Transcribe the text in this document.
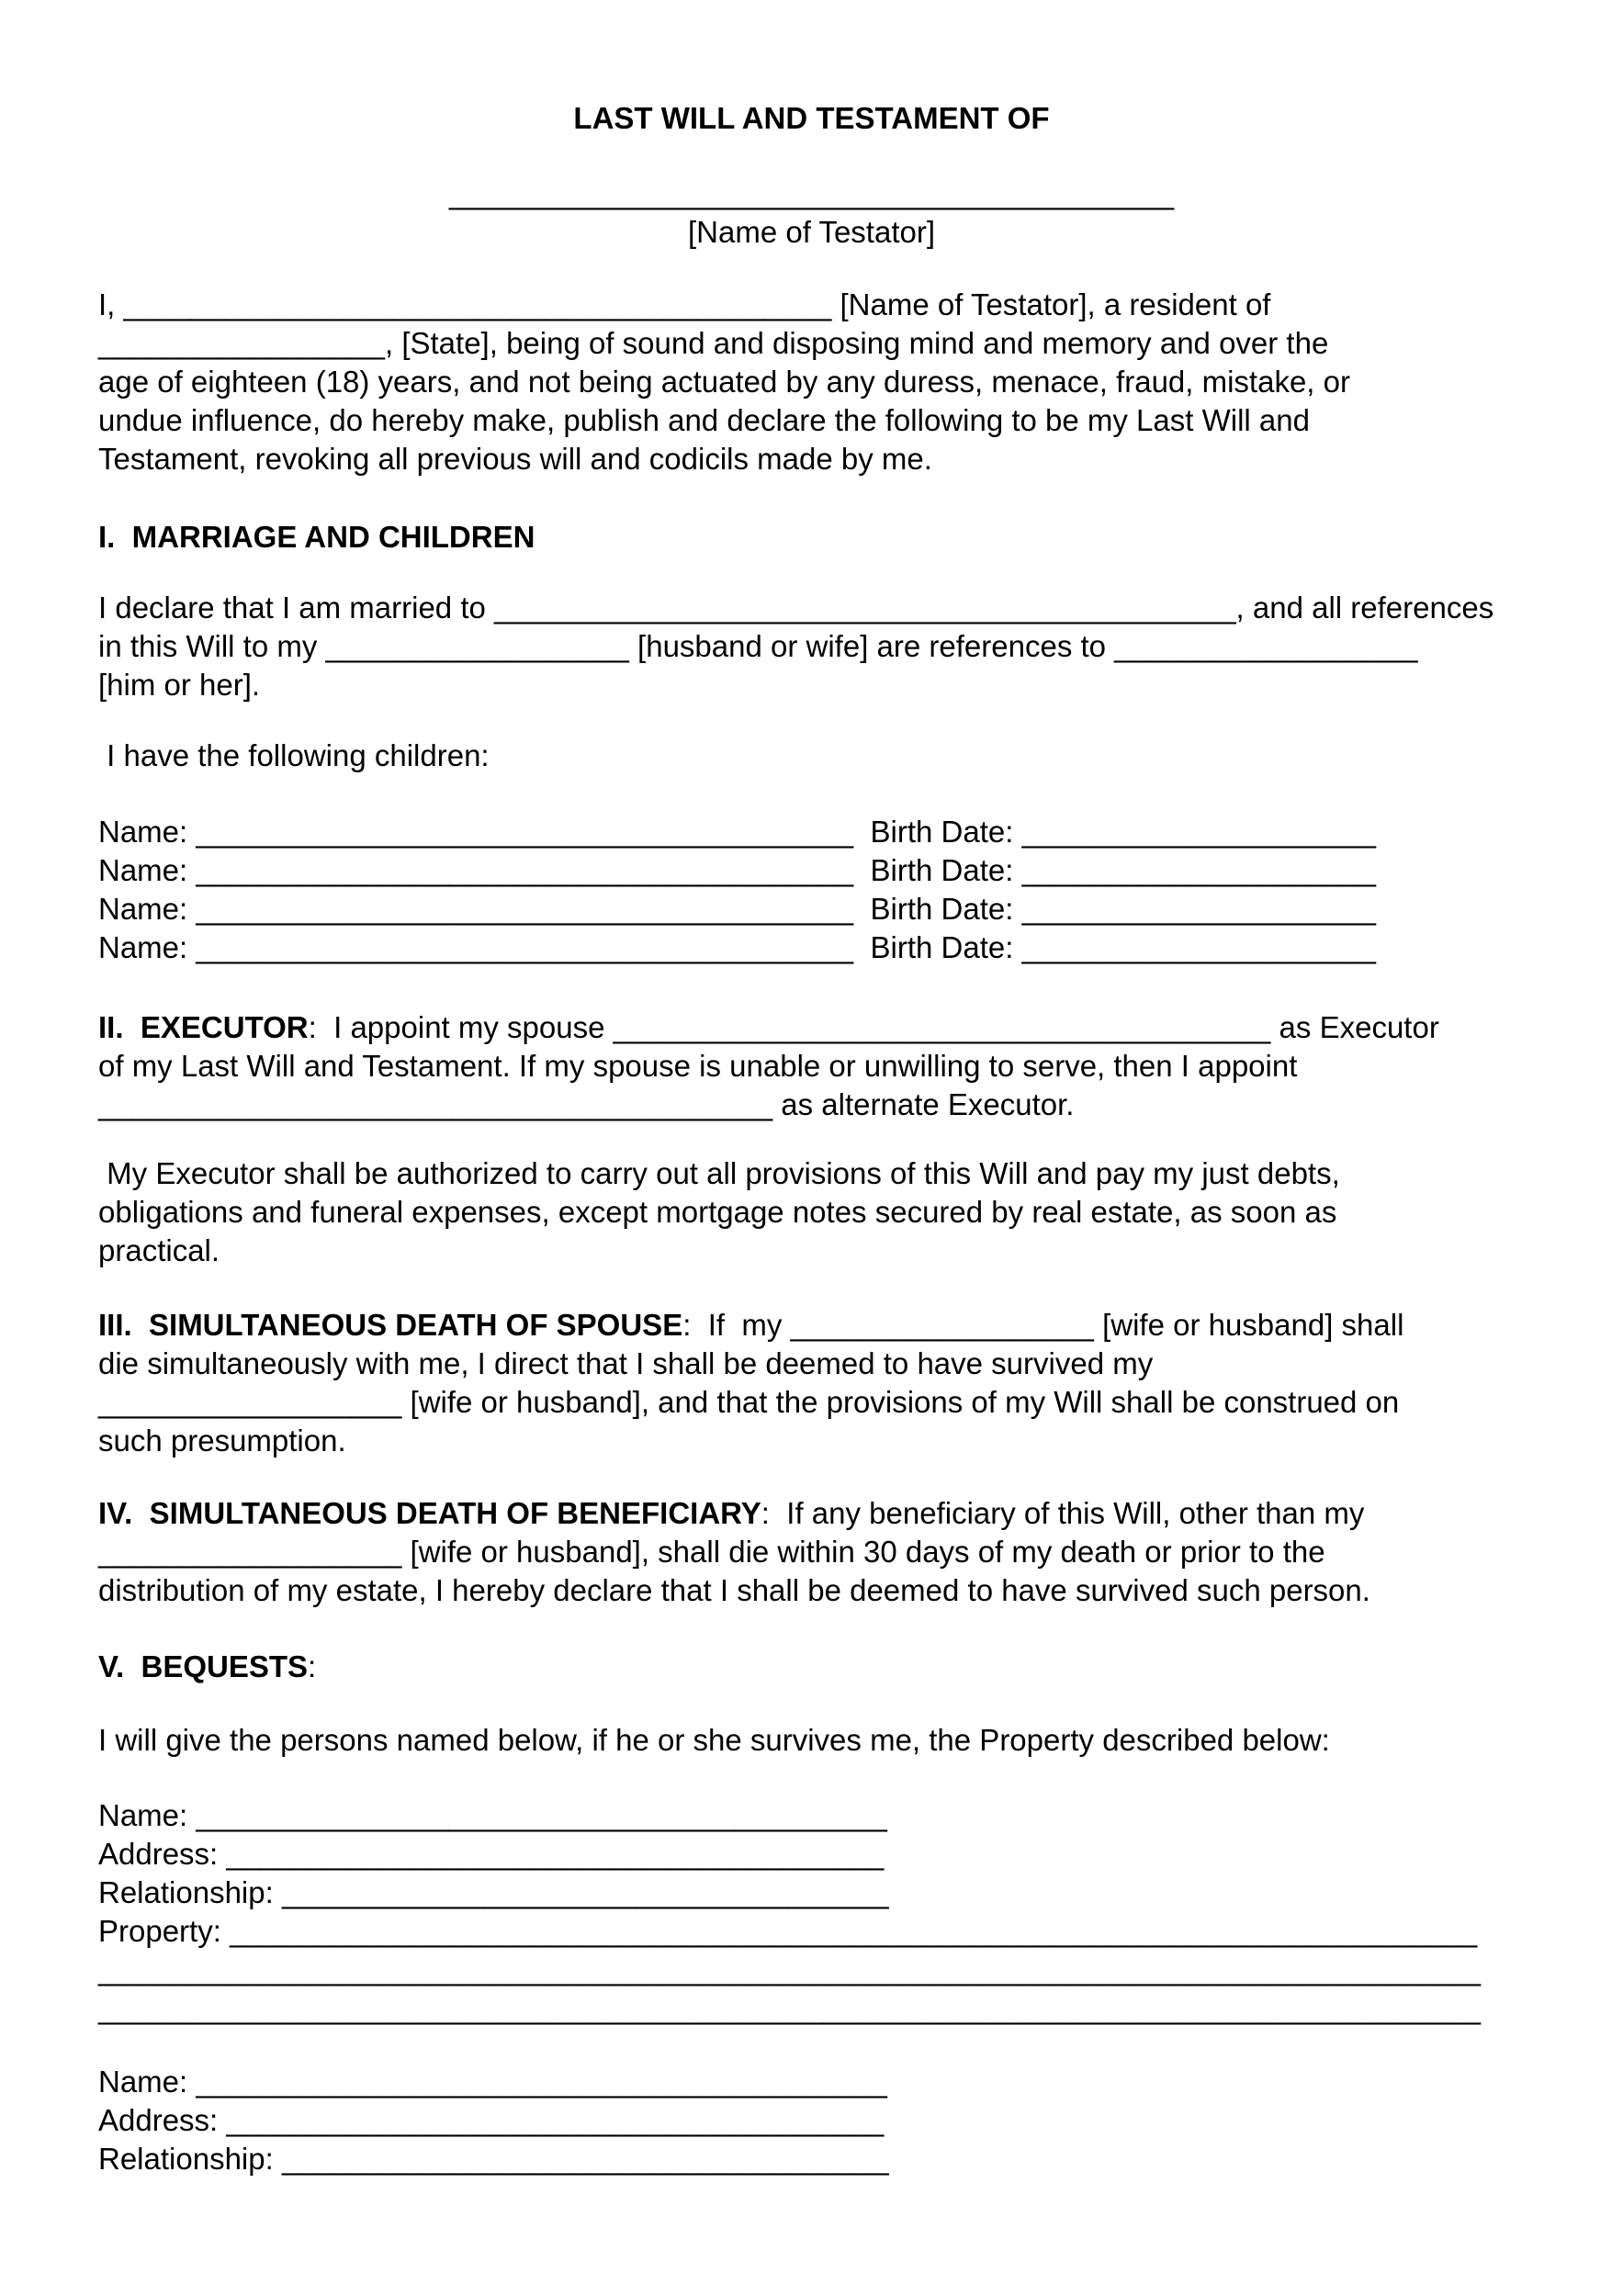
LAST WILL AND TESTAMENT OF
___________________________________________
[Name of Testator]
I, __________________________________________ [Name of Testator], a resident of
_________________, [State], being of sound and disposing mind and memory and over the
age of eighteen (18) years, and not being actuated by any duress, menace, fraud, mistake, or
undue influence, do hereby make, publish and declare the following to be my Last Will and
Testament, revoking all previous will and codicils made by me.
I.  MARRIAGE AND CHILDREN
I declare that I am married to ____________________________________________, and all references
in this Will to my __________________ [husband or wife] are references to __________________
[him or her].
I have the following children:
Name: _______________________________________  Birth Date: _____________________
Name: _______________________________________  Birth Date: _____________________
Name: _______________________________________  Birth Date: _____________________
Name: _______________________________________  Birth Date: _____________________
II.  EXECUTOR:  I appoint my spouse _______________________________________ as Executor
of my Last Will and Testament. If my spouse is unable or unwilling to serve, then I appoint
________________________________________ as alternate Executor.
My Executor shall be authorized to carry out all provisions of this Will and pay my just debts,
obligations and funeral expenses, except mortgage notes secured by real estate, as soon as
practical.
III.  SIMULTANEOUS DEATH OF SPOUSE:  If  my __________________ [wife or husband] shall
die simultaneously with me, I direct that I shall be deemed to have survived my
__________________ [wife or husband], and that the provisions of my Will shall be construed on
such presumption.
IV.  SIMULTANEOUS DEATH OF BENEFICIARY:  If any beneficiary of this Will, other than my
__________________ [wife or husband], shall die within 30 days of my death or prior to the
distribution of my estate, I hereby declare that I shall be deemed to have survived such person.
V.  BEQUESTS:
I will give the persons named below, if he or she survives me, the Property described below:
Name: _________________________________________
Address: _______________________________________
Relationship: ____________________________________
Property: __________________________________________________________________________
__________________________________________________________________________________
__________________________________________________________________________________
Name: _________________________________________
Address: _______________________________________
Relationship: ____________________________________
